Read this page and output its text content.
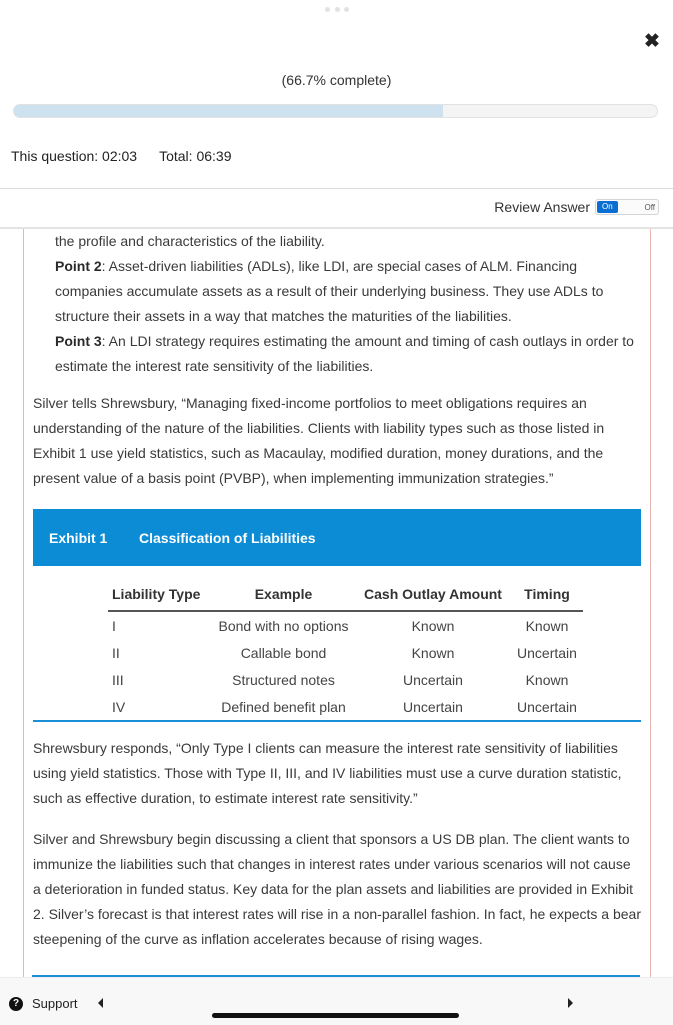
✖
(66.7% complete)
This question: 02:03 Total: 06:39
Review Answer	On	Off

the profile and characteristics of the liability.

Point 2: Asset-driven liabilities (ADLs), like LDI, are special cases of ALM. Financing companies accumulate assets as a result of their underlying business. They use ADLs to structure their assets in a way that matches the maturities of the liabilities.

Point 3: An LDI strategy requires estimating the amount and timing of cash outlays in order to estimate the interest rate sensitivity of the liabilities.

Silver tells Shrewsbury, “Managing fixed-income portfolios to meet obligations requires an understanding of the nature of the liabilities. Clients with liability types such as those listed in Exhibit 1 use yield statistics, such as Macaulay, modified duration, money durations, and the present value of a basis point (PVBP), when implementing immunization strategies.”

Exhibit 1	Classification of Liabilities
Liability Type	Example	Cash Outlay Amount	Timing
I	Bond with no options	Known	Known
II	Callable bond	Known	Uncertain
III	Structured notes	Uncertain	Known
IV	Defined benefit plan	Uncertain	Uncertain

Shrewsbury responds, “Only Type I clients can measure the interest rate sensitivity of liabilities using yield statistics. Those with Type II, III, and IV liabilities must use a curve duration statistic, such as effective duration, to estimate interest rate sensitivity.”

Silver and Shrewsbury begin discussing a client that sponsors a US DB plan. The client wants to immunize the liabilities such that changes in interest rates under various scenarios will not cause a deterioration in funded status. Key data for the plan assets and liabilities are provided in Exhibit 2. Silver’s forecast is that interest rates will rise in a non-parallel fashion. In fact, he expects a bear steepening of the curve as inflation accelerates because of rising wages.

? Support
